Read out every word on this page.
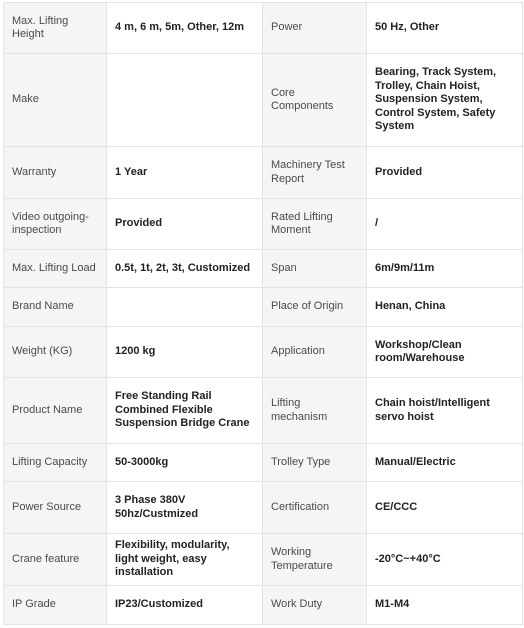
Max. Lifting Height	4 m, 6 m, 5m, Other, 12m	Power	50 Hz, Other
Make		Core Components	Bearing, Track System, Trolley, Chain Hoist, Suspension System, Control System, Safety System
Warranty	1 Year	Machinery Test Report	Provided
Video outgoing-inspection	Provided	Rated Lifting Moment	/
Max. Lifting Load	0.5t, 1t, 2t, 3t, Customized	Span	6m/9m/11m
Brand Name		Place of Origin	Henan, China
Weight (KG)	1200 kg	Application	Workshop/Clean room/Warehouse
Product Name	Free Standing Rail Combined Flexible Suspension Bridge Crane	Lifting mechanism	Chain hoist/Intelligent servo hoist
Lifting Capacity	50-3000kg	Trolley Type	Manual/Electric
Power Source	3 Phase 380V 50hz/Custmized	Certification	CE/CCC
Crane feature	Flexibility, modularity, light weight, easy installation	Working Temperature	-20°C~+40°C
IP Grade	IP23/Customized	Work Duty	M1-M4
